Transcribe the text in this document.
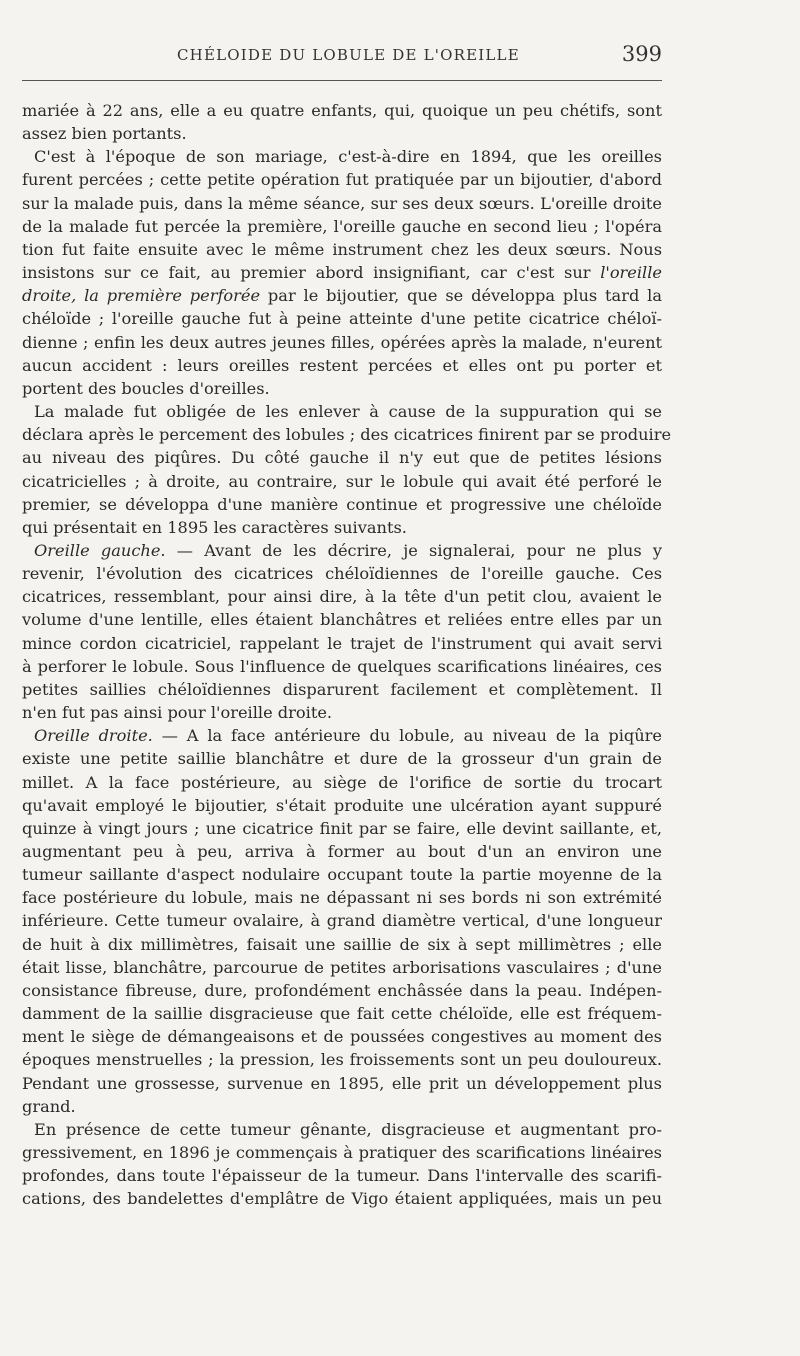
CHÉLOIDE DU LOBULE DE L'OREILLE	399
mariée à 22 ans, elle a eu quatre enfants, qui, quoique un peu chétifs, sont
assez bien portants.
C'est à l'époque de son mariage, c'est-à-dire en 1894, que les oreilles
furent percées ; cette petite opération fut pratiquée par un bijoutier, d'abord
sur la malade puis, dans la même séance, sur ses deux sœurs. L'oreille droite
de la malade fut percée la première, l'oreille gauche en second lieu ; l'opéra
tion fut faite ensuite avec le même instrument chez les deux sœurs. Nous
insistons sur ce fait, au premier abord insignifiant, car c'est sur l'oreille
droite, la première perforée par le bijoutier, que se développa plus tard la
chéloïde ; l'oreille gauche fut à peine atteinte d'une petite cicatrice chéloï-
dienne ; enfin les deux autres jeunes filles, opérées après la malade, n'eurent
aucun accident : leurs oreilles restent percées et elles ont pu porter et
portent des boucles d'oreilles.
La malade fut obligée de les enlever à cause de la suppuration qui se
déclara après le percement des lobules ; des cicatrices finirent par se produire
au niveau des piqûres. Du côté gauche il n'y eut que de petites lésions
cicatricielles ; à droite, au contraire, sur le lobule qui avait été perforé le
premier, se développa d'une manière continue et progressive une chéloïde
qui présentait en 1895 les caractères suivants.
Oreille gauche. — Avant de les décrire, je signalerai, pour ne plus y
revenir, l'évolution des cicatrices chéloïdiennes de l'oreille gauche. Ces
cicatrices, ressemblant, pour ainsi dire, à la tête d'un petit clou, avaient le
volume d'une lentille, elles étaient blanchâtres et reliées entre elles par un
mince cordon cicatriciel, rappelant le trajet de l'instrument qui avait servi
à perforer le lobule. Sous l'influence de quelques scarifications linéaires, ces
petites saillies chéloïdiennes disparurent facilement et complètement. Il
n'en fut pas ainsi pour l'oreille droite.
Oreille droite. — A la face antérieure du lobule, au niveau de la piqûre
existe une petite saillie blanchâtre et dure de la grosseur d'un grain de
millet. A la face postérieure, au siège de l'orifice de sortie du trocart
qu'avait employé le bijoutier, s'était produite une ulcération ayant suppuré
quinze à vingt jours ; une cicatrice finit par se faire, elle devint saillante, et,
augmentant peu à peu, arriva à former au bout d'un an environ une
tumeur saillante d'aspect nodulaire occupant toute la partie moyenne de la
face postérieure du lobule, mais ne dépassant ni ses bords ni son extrémité
inférieure. Cette tumeur ovalaire, à grand diamètre vertical, d'une longueur
de huit à dix millimètres, faisait une saillie de six à sept millimètres ; elle
était lisse, blanchâtre, parcourue de petites arborisations vasculaires ; d'une
consistance fibreuse, dure, profondément enchâssée dans la peau. Indépen-
damment de la saillie disgracieuse que fait cette chéloïde, elle est fréquem-
ment le siège de démangeaisons et de poussées congestives au moment des
époques menstruelles ; la pression, les froissements sont un peu douloureux.
Pendant une grossesse, survenue en 1895, elle prit un développement plus
grand.
En présence de cette tumeur gênante, disgracieuse et augmentant pro-
gressivement, en 1896 je commençais à pratiquer des scarifications linéaires
profondes, dans toute l'épaisseur de la tumeur. Dans l'intervalle des scarifi-
cations, des bandelettes d'emplâtre de Vigo étaient appliquées, mais un peu
